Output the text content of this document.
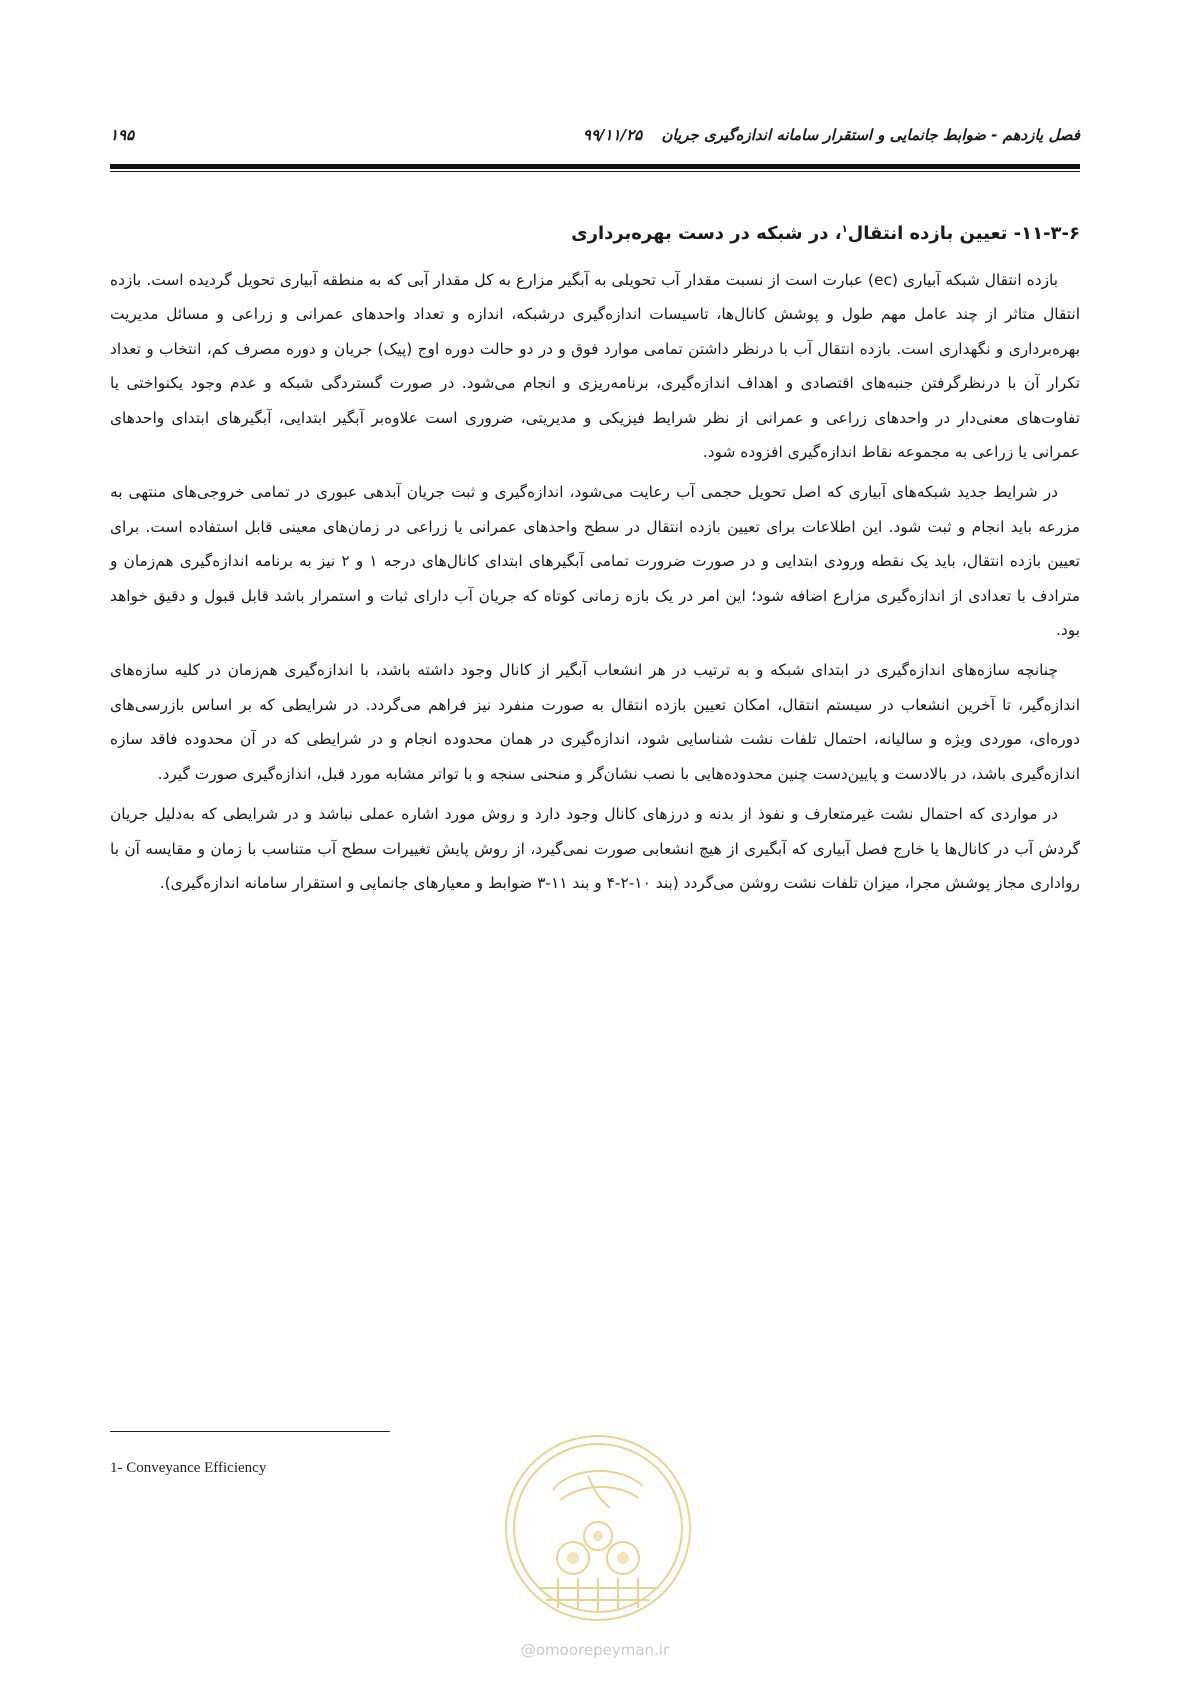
فصل یازدهم - ضوابط جانمایی و استقرار سامانه اندازه‌گیری جریان ۹۹/۱۱/۲۵
۱۹۵
۱۱-۳-۶- تعیین بازده انتقال$^۱$، در شبکه در دست بهره‌برداری

بازده انتقال شبکه آبیاری (ec) عبارت است از نسبت مقدار آب تحویلی به آبگیر مزارع به کل مقدار آبی که به منطقه آبیاری تحویل گردیده است. بازده انتقال متاثر از چند عامل مهم طول و پوشش کانال‌ها، تاسیسات اندازه‌گیری درشبکه، اندازه و تعداد واحدهای عمرانی و زراعی و مسائل مدیریت بهره‌برداری و نگهداری است. بازده انتقال آب با درنظر داشتن تمامی موارد فوق و در دو حالت دوره اوج (پیک) جریان و دوره مصرف کم، انتخاب و تعداد تکرار آن با درنظرگرفتن جنبه‌های اقتصادی و اهداف اندازه‌گیری، برنامه‌ریزی و انجام می‌شود. در صورت گستردگی شبکه و عدم وجود یکنواختی یا تفاوت‌های معنی‌دار در واحدهای زراعی و عمرانی از نظر شرایط فیزیکی و مدیریتی، ضروری است علاوه‌بر آبگیر ابتدایی، آبگیرهای ابتدای واحدهای عمرانی یا زراعی به مجموعه نقاط اندازه‌گیری افزوده شود.

در شرایط جدید شبکه‌های آبیاری که اصل تحویل حجمی آب رعایت می‌شود، اندازه‌گیری و ثبت جریان آبدهی عبوری در تمامی خروجی‌های منتهی به مزرعه باید انجام و ثبت شود. این اطلاعات برای تعیین بازده انتقال در سطح واحدهای عمرانی یا زراعی در زمان‌های معینی قابل استفاده است. برای تعیین بازده انتقال، باید یک نقطه ورودی ابتدایی و در صورت ضرورت تمامی آبگیرهای ابتدای کانال‌های درجه ۱ و ۲ نیز به برنامه اندازه‌گیری هم‌زمان و مترادف با تعدادی از اندازه‌گیری مزارع اضافه شود؛ این امر در یک بازه زمانی کوتاه که جریان آب دارای ثبات و استمرار باشد قابل قبول و دقیق خواهد بود.

چنانچه سازه‌های اندازه‌گیری در ابتدای شبکه و به ترتیب در هر انشعاب آبگیر از کانال وجود داشته باشد، با اندازه‌گیری هم‌زمان در کلیه سازه‌های اندازه‌گیر، تا آخرین انشعاب در سیستم انتقال، امکان تعیین بازده انتقال به صورت منفرد نیز فراهم می‌گردد. در شرایطی که بر اساس بازرسی‌های دوره‌ای، موردی ویژه و سالیانه، احتمال تلفات نشت شناسایی شود، اندازه‌گیری در همان محدوده انجام و در شرایطی که در آن محدوده فاقد سازه اندازه‌گیری باشد، در بالادست و پایین‌دست چنین محدوده‌هایی با نصب نشان‌گر و منحنی سنجه و با تواتر مشابه مورد قبل، اندازه‌گیری صورت گیرد.

در مواردی که احتمال نشت غیرمتعارف و نفوذ از بدنه و درزهای کانال وجود دارد و روش مورد اشاره عملی نباشد و در شرایطی که به‌دلیل جریان گردش آب در کانال‌ها یا خارج فصل آبیاری که آبگیری از هیچ انشعابی صورت نمی‌گیرد، از روش پایش تغییرات سطح آب متناسب با زمان و مقایسه آن با رواداری مجاز پوشش مجرا، میزان تلفات نشت روشن می‌گردد (بند ۱۰-۲-۴ و بند ۱۱-۳ ضوابط و معیارهای جانمایی و استقرار سامانه اندازه‌گیری).

1- Conveyance Efficiency
@omoorepeyman.ir
